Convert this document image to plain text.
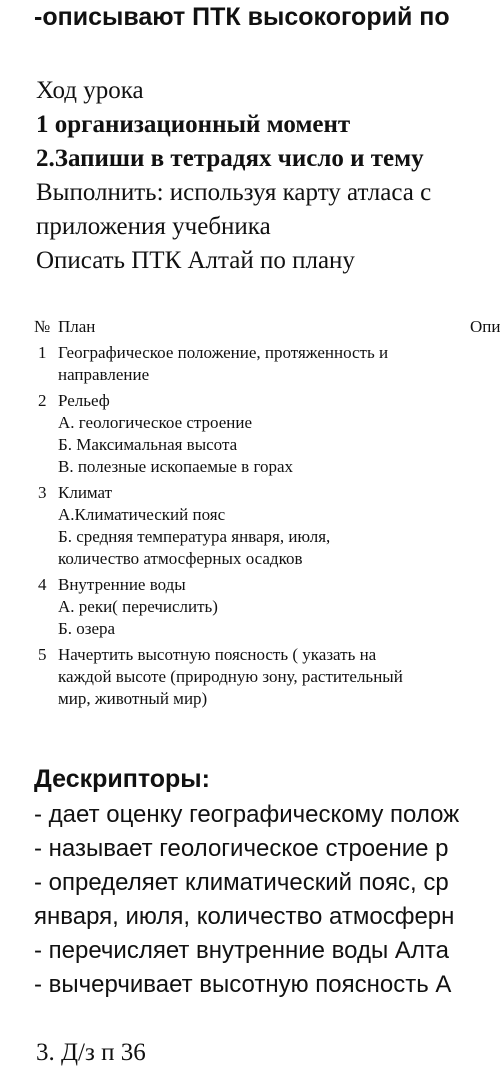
-описывают ПТК высокогорий по
Ход урока
1 организационный момент
2.Запиши в тетрадях число и тему
Выполнить: используя карту атласа с
приложения учебника
Описать ПТК Алтай по плану
№ План	Опи
1 Географическое положение, протяженность и
направление
2 Рельеф
А. геологическое строение
Б. Максимальная высота
В. полезные ископаемые в горах
3 Климат
А.Климатический пояс
Б. средняя температура января, июля,
количество атмосферных осадков
4 Внутренние воды
А. реки( перечислить)
Б. озера
5 Начертить высотную поясность ( указать на
каждой высоте (природную зону, растительный
мир, животный мир)
Дескрипторы:
- дает оценку географическому полож
- называет геологическое строение р
- определяет климатический пояс, ср
января, июля, количество атмосферн
- перечисляет внутренние воды Алта
- вычерчивает высотную поясность А
3. Д/з п 36
